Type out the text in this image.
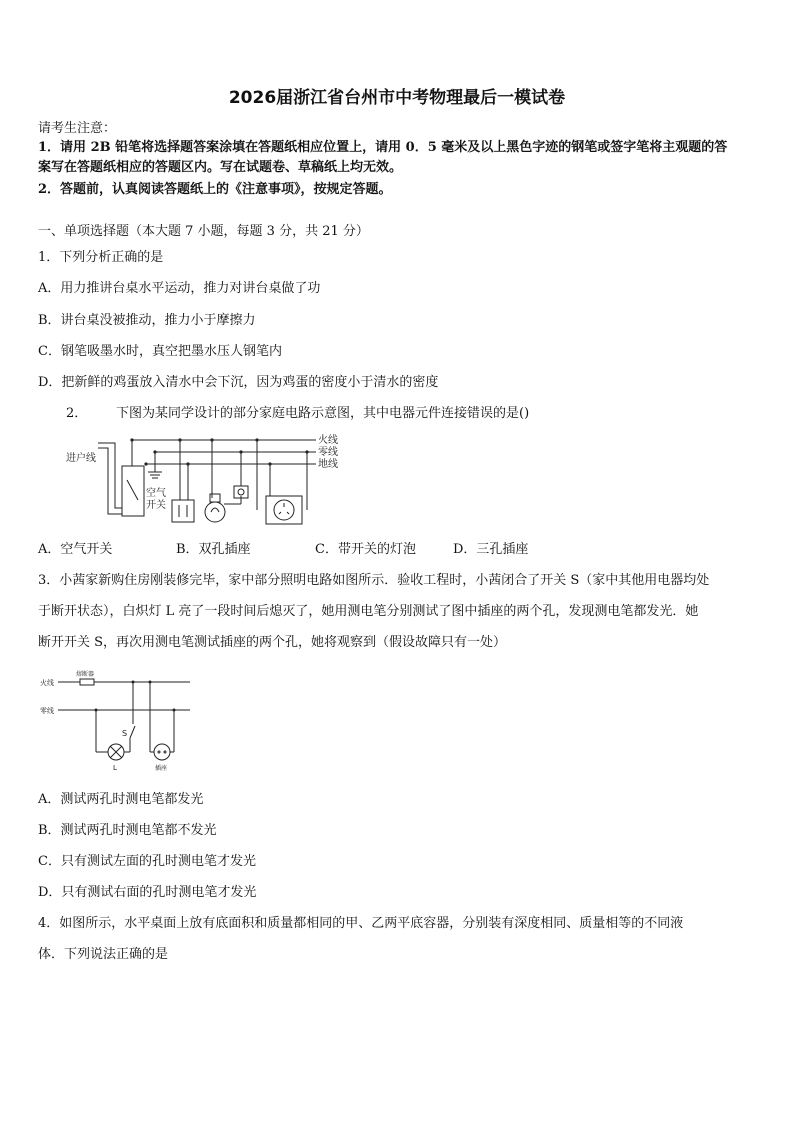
2026届浙江省台州市中考物理最后一模试卷
请考生注意：
1．请用 2B 铅笔将选择题答案涂填在答题纸相应位置上，请用 0．5 毫米及以上黑色字迹的钢笔或签字笔将主观题的答
案写在答题纸相应的答题区内。写在试题卷、草稿纸上均无效。
2．答题前，认真阅读答题纸上的《注意事项》，按规定答题。
一、单项选择题（本大题 7 小题，每题 3 分，共 21 分）
1．下列分析正确的是
A．用力推讲台桌水平运动，推力对讲台桌做了功
B．讲台桌没被推动，推力小于摩擦力
C．钢笔吸墨水时，真空把墨水压人钢笔内
D．把新鲜的鸡蛋放入清水中会下沉，因为鸡蛋的密度小于清水的密度
2． 下图为某同学设计的部分家庭电路示意图，其中电器元件连接错误的是()
火线
零线
地线
进户线
空气
开关
A．空气开关	B．双孔插座	C．带开关的灯泡	D．三孔插座
3．小茜家新购住房刚装修完毕，家中部分照明电路如图所示．验收工程时，小茜闭合了开关 S（家中其他用电器均处
于断开状态），白炽灯 L 亮了一段时间后熄灭了，她用测电笔分别测试了图中插座的两个孔，发现测电笔都发光．她
断开开关 S，再次用测电笔测试插座的两个孔，她将观察到（假设故障只有一处）
火线
零线
熔断器
S
L	插座
A．测试两孔时测电笔都发光
B．测试两孔时测电笔都不发光
C．只有测试左面的孔时测电笔才发光
D．只有测试右面的孔时测电笔才发光
4．如图所示，水平桌面上放有底面积和质量都相同的甲、乙两平底容器，分别装有深度相同、质量相等的不同液
体．下列说法正确的是
